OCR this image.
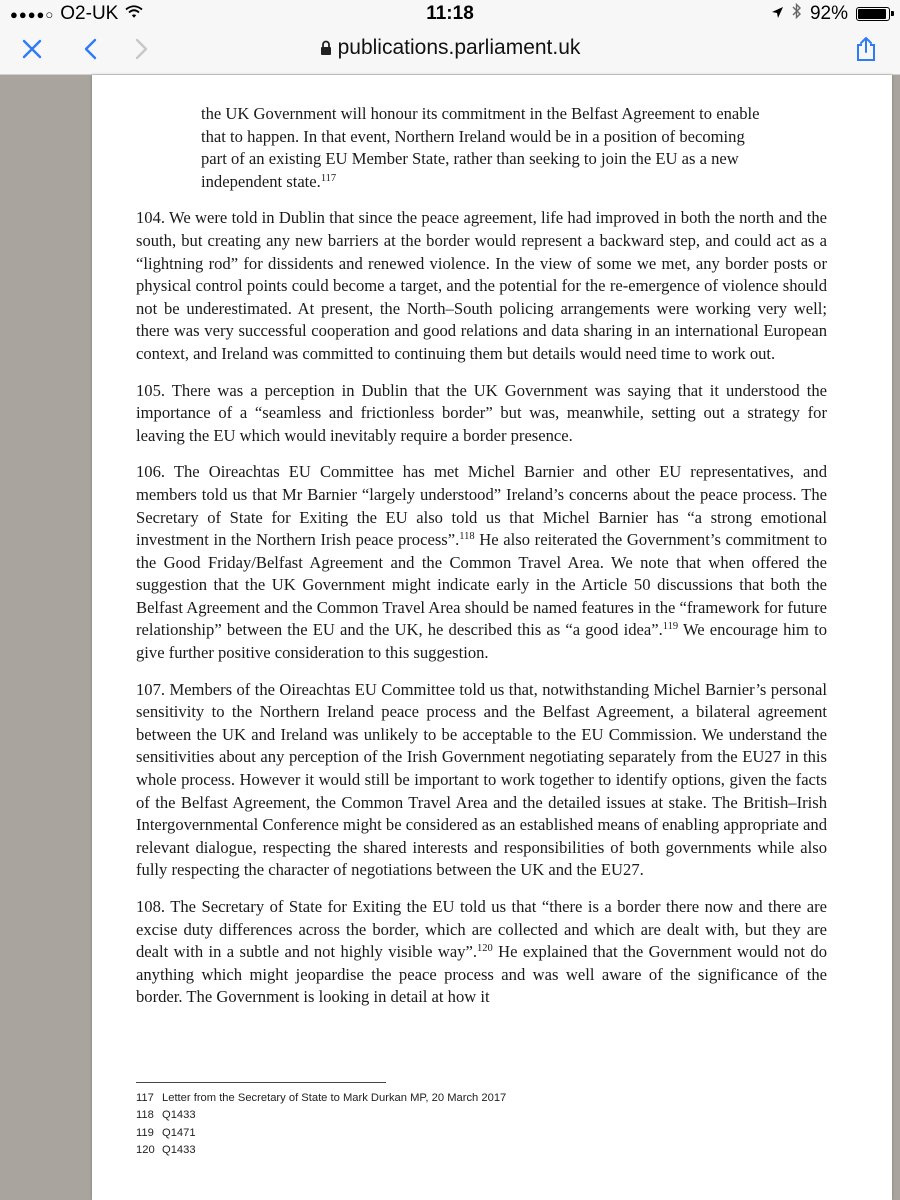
●●●●○ O2-UK	11:18	92%
publications.parliament.uk

the UK Government will honour its commitment in the Belfast Agreement to enable that to happen. In that event, Northern Ireland would be in a position of becoming part of an existing EU Member State, rather than seeking to join the EU as a new independent state.$^{117}$

104. We were told in Dublin that since the peace agreement, life had improved in both the north and the south, but creating any new barriers at the border would represent a backward step, and could act as a “lightning rod” for dissidents and renewed violence. In the view of some we met, any border posts or physical control points could become a target, and the potential for the re-emergence of violence should not be underestimated. At present, the North–South policing arrangements were working very well; there was very successful cooperation and good relations and data sharing in an international European context, and Ireland was committed to continuing them but details would need time to work out.

105. There was a perception in Dublin that the UK Government was saying that it understood the importance of a “seamless and frictionless border” but was, meanwhile, setting out a strategy for leaving the EU which would inevitably require a border presence.

106. The Oireachtas EU Committee has met Michel Barnier and other EU representatives, and members told us that Mr Barnier “largely understood” Ireland’s concerns about the peace process. The Secretary of State for Exiting the EU also told us that Michel Barnier has “a strong emotional investment in the Northern Irish peace process”.$^{118}$ He also reiterated the Government’s commitment to the Good Friday/Belfast Agreement and the Common Travel Area. We note that when offered the suggestion that the UK Government might indicate early in the Article 50 discussions that both the Belfast Agreement and the Common Travel Area should be named features in the “framework for future relationship” between the EU and the UK, he described this as “a good idea”.$^{119}$ We encourage him to give further positive consideration to this suggestion.

107. Members of the Oireachtas EU Committee told us that, notwithstanding Michel Barnier’s personal sensitivity to the Northern Ireland peace process and the Belfast Agreement, a bilateral agreement between the UK and Ireland was unlikely to be acceptable to the EU Commission. We understand the sensitivities about any perception of the Irish Government negotiating separately from the EU27 in this whole process. However it would still be important to work together to identify options, given the facts of the Belfast Agreement, the Common Travel Area and the detailed issues at stake. The British–Irish Intergovernmental Conference might be considered as an established means of enabling appropriate and relevant dialogue, respecting the shared interests and responsibilities of both governments while also fully respecting the character of negotiations between the UK and the EU27.

108. The Secretary of State for Exiting the EU told us that “there is a border there now and there are excise duty differences across the border, which are collected and which are dealt with, but they are dealt with in a subtle and not highly visible way”.$^{120}$ He explained that the Government would not do anything which might jeopardise the peace process and was well aware of the significance of the border. The Government is looking in detail at how it

117 Letter from the Secretary of State to Mark Durkan MP, 20 March 2017
118 Q1433
119 Q1471
120 Q1433
